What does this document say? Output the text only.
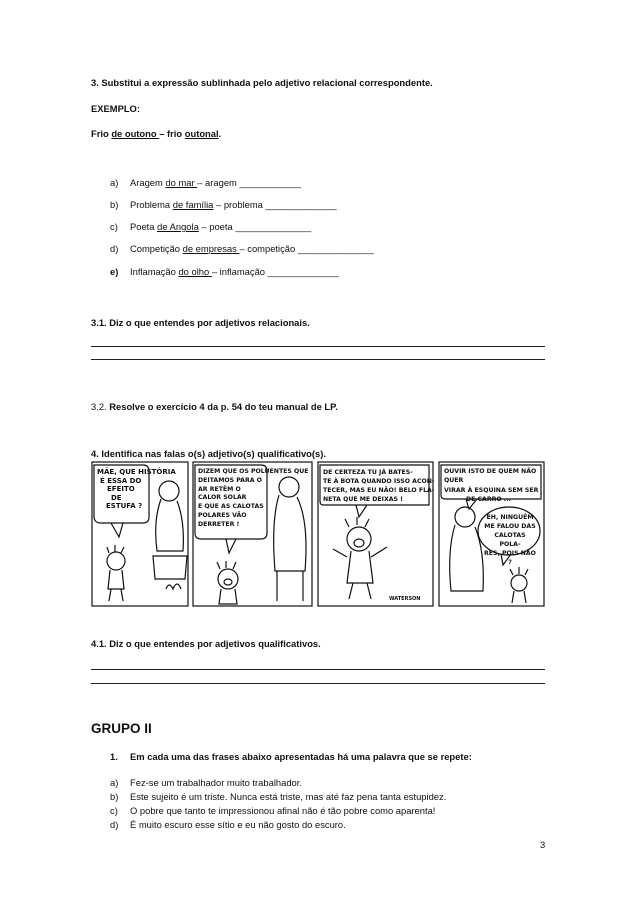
3. Substitui a expressão sublinhada pelo adjetivo relacional correspondente.
EXEMPLO:
Frio de outono – frio outonal.
a) Aragem do mar – aragem _____________
b) Problema de família – problema _______________
c) Poeta de Angola – poeta ________________
d) Competição de empresas – competição ________________
e) Inflamação do olho – inflamação _______________
3.1. Diz o que entendes por adjetivos relacionais.
3.2. Resolve o exercício 4 da p. 54 do teu manual de LP.
4. Identifica nas falas o(s) adjetivo(s) qualificativo(s).
MÃE, QUE HISTÓRIA
É ESSA DO
EFEITO
DE
ESTUFA ?
DIZEM QUE OS POLUENTES QUE
DEITAMOS PARA O
AR RETÊM O
CALOR SOLAR
E QUE AS CALOTAS
POLARES VÃO
DERRETER !
DE CERTEZA TU JÁ BATES-
TE À BOTA QUANDO ISSO ACON-
TECER, MAS EU NÃO! BELO FLA-
NETA QUE ME DEIXAS !
OUVIR ISTO DE QUEM NÃO QUER
VIRAR À ESQUINA SEM SER
DE CARRO ...
EH, NINGUÉM
ME FALOU DAS
CALOTAS POLA-
RES, POIS NÃO ?
WATERSON
4.1. Diz o que entendes por adjetivos qualificativos.
GRUPO II
1. Em cada uma das frases abaixo apresentadas há uma palavra que se repete:
a) Fez-se um trabalhador muito trabalhador.
b) Este sujeito é um triste. Nunca está triste, mas até faz pena tanta estupidez.
c) O pobre que tanto te impressionou afinal não é tão pobre como aparenta!
d) É muito escuro esse sítio e eu não gosto do escuro.
3
